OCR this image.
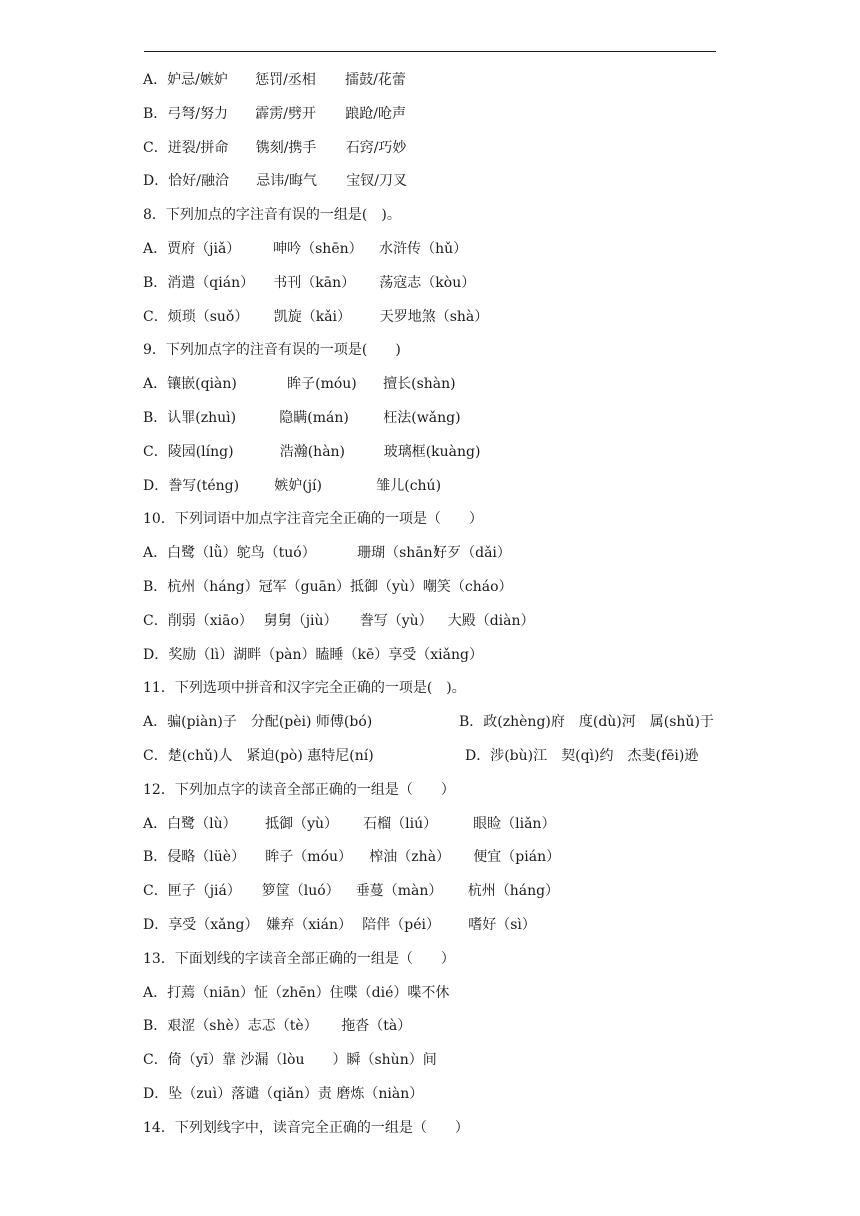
A．妒忌/嫉妒 惩罚/丞相 擂鼓/花蕾
B．弓弩/努力 霹雳/劈开 踉跄/呛声
C．迸裂/拼命 镌刻/携手 石窍/巧妙
D．恰好/融洽 忌讳/晦气 宝钗/刀叉
8．下列加点的字注音有误的一组是(　)。
A．贾府（jiǎ） 呻吟（shēn） 水浒传（hǔ）
B．消遣（qián） 书刊（kān） 荡寇志（kòu）
C．烦琐（suǒ） 凯旋（kǎi） 天罗地煞（shà）
9．下列加点字的注音有误的一项是(　　)
A．镶嵌(qiàn)	眸子(móu) 擅长(shàn)
B．认罪(zhuì)	隐瞒(mán) 枉法(wǎng)
C．陵园(líng)	浩瀚(hàn)	玻璃框(kuàng)
D．誊写(téng)	嫉妒(jí)	雏儿(chú)
10．下列词语中加点字注音完全正确的一项是（　　）
A．白鹭（lǜ）鸵鸟（tuó）	珊瑚（shān）好歹（dǎi）
B．杭州（háng）冠军（guān）抵御（yù）嘲笑（cháo）
C．削弱（xiāo） 舅舅（jiù） 誊写（yù） 大殿（diàn）
D．奖励（lì）湖畔（pàn）瞌睡（kē）享受（xiǎng）
11．下列选项中拼音和汉字完全正确的一项是(　)。
A．骗(piàn)子　分配(pèi) 师傅(bó)	B．政(zhèng)府　度(dù)河　属(shǔ)于
C．楚(chǔ)人　紧迫(pò) 惠特尼(ní)	D．涉(bù)江　契(qì)约　杰斐(fēi)逊
12．下列加点字的读音全部正确的一组是（　　）
A．白鹭（lù） 抵御（yù） 石榴（liú）	眼睑（liǎn）
B．侵略（lüè） 眸子（móu） 榨油（zhà） 便宜（pián）
C．匣子（jiá） 箩筐（luó） 垂蔓（màn） 杭州（háng）
D．享受（xǎng） 嫌弃（xián） 陪伴（péi） 嗜好（sì）
13．下面划线的字读音全部正确的一组是（　　）
A．打蔫（niān）怔（zhēn）住喋（dié）喋不休
B．艰涩（shè）志忑（tè） 拖沓（tà）
C．倚（yī）靠 沙漏（lòu　　）瞬（shùn）间
D．坠（zuì）落谴（qiǎn）责 磨炼（niàn）
14．下列划线字中，读音完全正确的一组是（　　）
